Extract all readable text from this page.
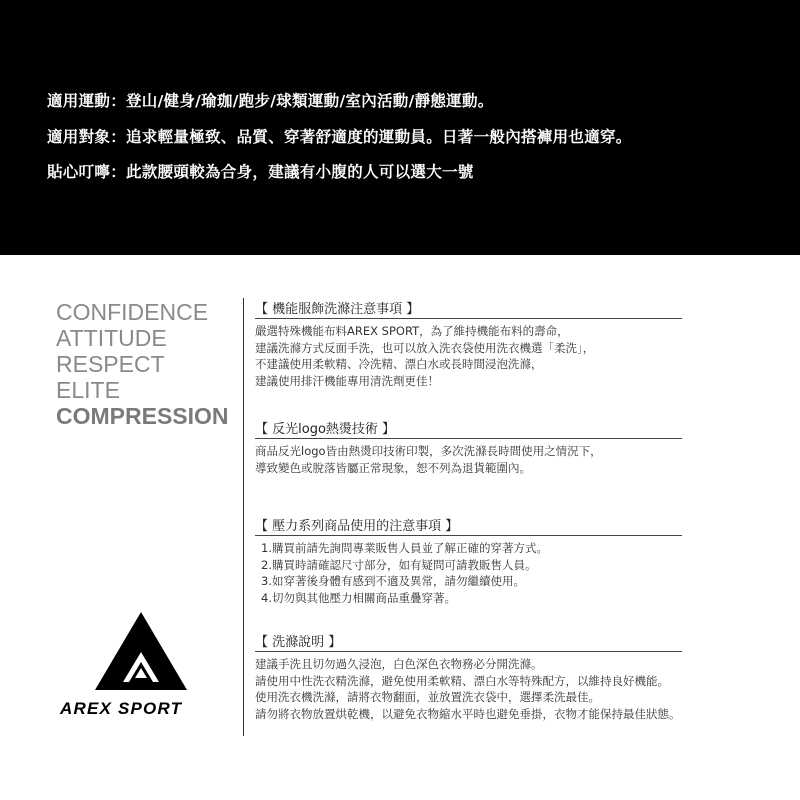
適用運動：登山/健身/瑜珈/跑步/球類運動/室內活動/靜態運動。
適用對象：追求輕量極致、品質、穿著舒適度的運動員。日著一般內搭褲用也適穿。
貼心叮嚀：此款腰頭較為合身，建議有小腹的人可以選大一號
CONFIDENCE
ATTITUDE
RESPECT
ELITE
COMPRESSION
【 機能服飾洗滌注意事項 】
嚴選特殊機能布料AREX SPORT，為了維持機能布料的壽命，
建議洗滌方式反面手洗，也可以放入洗衣袋使用洗衣機選「柔洗」，
不建議使用柔軟精、冷洗精、漂白水或長時間浸泡洗滌，
建議使用排汗機能專用清洗劑更佳！
【 反光logo熱燙技術 】
商品反光logo皆由熱燙印技術印製，多次洗滌長時間使用之情況下，
導致變色或脫落皆屬正常現象，恕不列為退貨範圍內。
【 壓力系列商品使用的注意事項 】
1.購買前請先詢問專業販售人員並了解正確的穿著方式。
2.購買時請確認尺寸部分，如有疑問可請教販售人員。
3.如穿著後身體有感到不適及異常，請勿繼續使用。
4.切勿與其他壓力相關商品重疊穿著。
【 洗滌說明 】
建議手洗且切勿過久浸泡，白色深色衣物務必分開洗滌。
請使用中性洗衣精洗滌，避免使用柔軟精、漂白水等特殊配方，以維持良好機能。
使用洗衣機洗滌，請將衣物翻面，並放置洗衣袋中，選擇柔洗最佳。
請勿將衣物放置烘乾機，以避免衣物縮水平時也避免垂掛，衣物才能保持最佳狀態。
AREX SPORT
